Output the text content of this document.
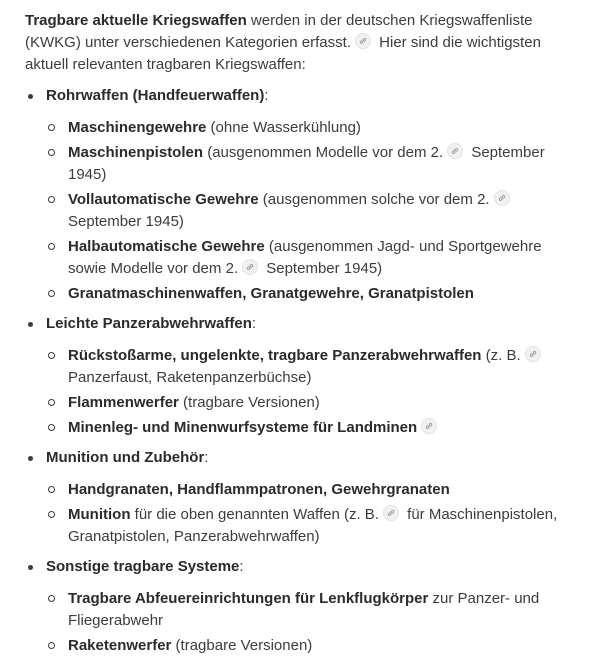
Tragbare aktuelle Kriegswaffen werden in der deutschen Kriegswaffenliste (KWKG) unter verschiedenen Kategorien erfasst.
Hier sind die wichtigsten aktuell relevanten tragbaren Kriegswaffen:

Rohrwaffen (Handfeuerwaffen):
Maschinengewehre (ohne Wasserkühlung)
Maschinenpistolen (ausgenommen Modelle vor dem 2.
September 1945)
Vollautomatische Gewehre (ausgenommen solche vor dem 2.
September 1945)
Halbautomatische Gewehre (ausgenommen Jagd- und Sportgewehre sowie Modelle vor dem 2.
September 1945)
Granatmaschinenwaffen, Granatgewehre, Granatpistolen
Leichte Panzerabwehrwaffen:
Rückstoßarme, ungelenkte, tragbare Panzerabwehrwaffen (z. B.
Panzerfaust, Raketenpanzerbüchse)
Flammenwerfer (tragbare Versionen)
Minenleg- und Minenwurfsysteme für Landminen
Munition und Zubehör:
Handgranaten, Handflammpatronen, Gewehrgranaten
Munition für die oben genannten Waffen (z. B.
für Maschinenpistolen, Granatpistolen, Panzerabwehrwaffen)
Sonstige tragbare Systeme:
Tragbare Abfeuereinrichtungen für Lenkflugkörper zur Panzer- und Fliegerabwehr
Raketenwerfer (tragbare Versionen)
